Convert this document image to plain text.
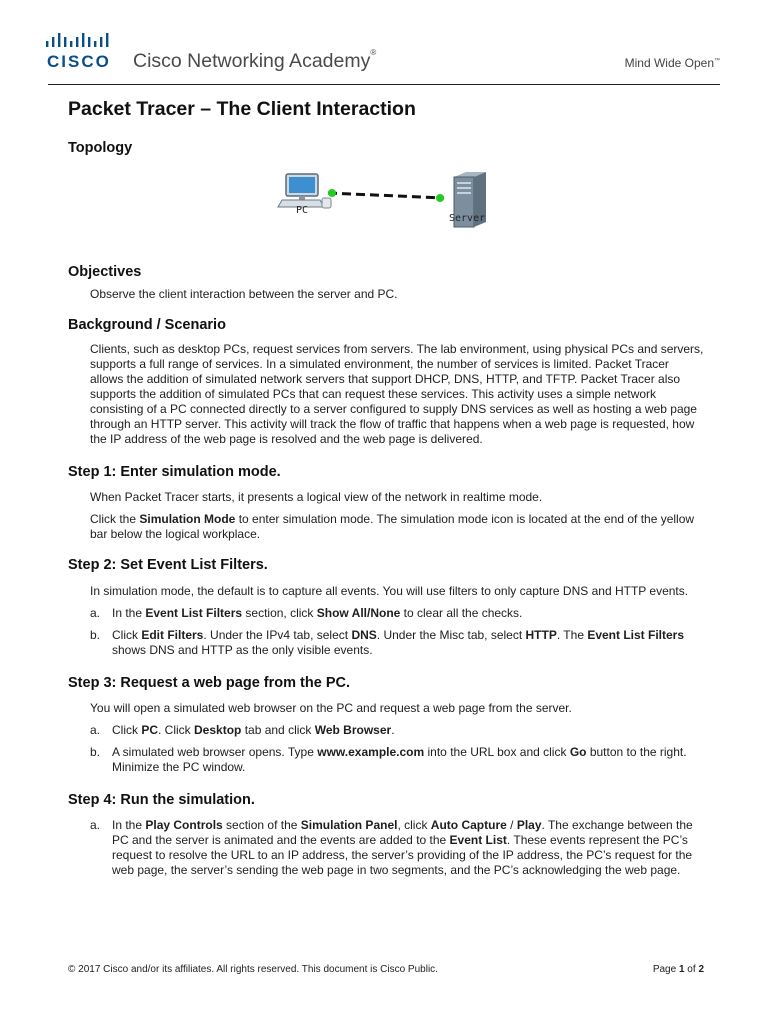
CISCO Cisco Networking Academy®
Mind Wide Open™
Packet Tracer – The Client Interaction
Topology
PC
Server
Objectives

Observe the client interaction between the server and PC.

Background / Scenario

Clients, such as desktop PCs, request services from servers. The lab environment, using physical PCs and servers, supports a full range of services. In a simulated environment, the number of services is limited. Packet Tracer allows the addition of simulated network servers that support DHCP, DNS, HTTP, and TFTP. Packet Tracer also supports the addition of simulated PCs that can request these services. This activity uses a simple network consisting of a PC connected directly to a server configured to supply DNS services as well as hosting a web page through an HTTP server. This activity will track the flow of traffic that happens when a web page is requested, how the IP address of the web page is resolved and the web page is delivered.

Step 1: Enter simulation mode.

When Packet Tracer starts, it presents a logical view of the network in realtime mode.

Click the Simulation Mode to enter simulation mode. The simulation mode icon is located at the end of the yellow bar below the logical workplace.

Step 2: Set Event List Filters.

In simulation mode, the default is to capture all events. You will use filters to only capture DNS and HTTP events.

a. In the Event List Filters section, click Show All/None to clear all the checks.
b. Click Edit Filters. Under the IPv4 tab, select DNS. Under the Misc tab, select HTTP. The Event List Filters shows DNS and HTTP as the only visible events.
Step 3: Request a web page from the PC.

You will open a simulated web browser on the PC and request a web page from the server.

a. Click PC. Click Desktop tab and click Web Browser.
b. A simulated web browser opens. Type www.example.com into the URL box and click Go button to the right. Minimize the PC window.
Step 4: Run the simulation.
a. In the Play Controls section of the Simulation Panel, click Auto Capture / Play. The exchange between the PC and the server is animated and the events are added to the Event List. These events represent the PC’s request to resolve the URL to an IP address, the server’s providing of the IP address, the PC’s request for the web page, the server’s sending the web page in two segments, and the PC’s acknowledging the web page.
© 2017 Cisco and/or its affiliates. All rights reserved. This document is Cisco Public.	Page 1 of 2
